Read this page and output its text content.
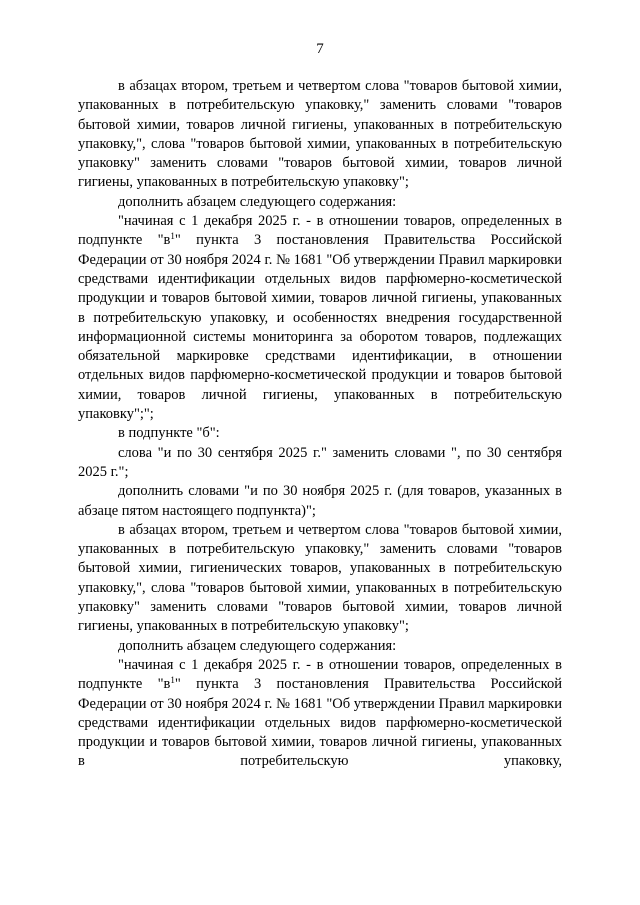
7

в абзацах втором, третьем и четвертом слова "товаров бытовой химии, упакованных в потребительскую упаковку," заменить словами "товаров бытовой химии, товаров личной гигиены, упакованных в потребительскую упаковку,", слова "товаров бытовой химии, упакованных в потребительскую упаковку" заменить словами "товаров бытовой химии, товаров личной гигиены, упакованных в потребительскую упаковку";

дополнить абзацем следующего содержания:

"начиная с 1 декабря 2025 г. - в отношении товаров, определенных в подпункте "$в^1$" пункта 3 постановления Правительства Российской Федерации от 30 ноября 2024 г. № 1681 "Об утверждении Правил маркировки средствами идентификации отдельных видов парфюмерно-косметической продукции и товаров бытовой химии, товаров личной гигиены, упакованных в потребительскую упаковку, и особенностях внедрения государственной информационной системы мониторинга за оборотом товаров, подлежащих обязательной маркировке средствами идентификации, в отношении отдельных видов парфюмерно-косметической продукции и товаров бытовой химии, товаров личной гигиены, упакованных в потребительскую упаковку";";

в подпункте "б":

слова "и по 30 сентября 2025 г." заменить словами ", по 30 сентября 2025 г.";

дополнить словами "и по 30 ноября 2025 г. (для товаров, указанных в абзаце пятом настоящего подпункта)";

в абзацах втором, третьем и четвертом слова "товаров бытовой химии, упакованных в потребительскую упаковку," заменить словами "товаров бытовой химии, гигиенических товаров, упакованных в потребительскую упаковку,", слова "товаров бытовой химии, упакованных в потребительскую упаковку" заменить словами "товаров бытовой химии, товаров личной гигиены, упакованных в потребительскую упаковку";

дополнить абзацем следующего содержания:

"начиная с 1 декабря 2025 г. - в отношении товаров, определенных в подпункте "$в^1$" пункта 3 постановления Правительства Российской Федерации от 30 ноября 2024 г. № 1681 "Об утверждении Правил маркировки средствами идентификации отдельных видов парфюмерно-косметической продукции и товаров бытовой химии, товаров личной гигиены, упакованных в потребительскую упаковку,
